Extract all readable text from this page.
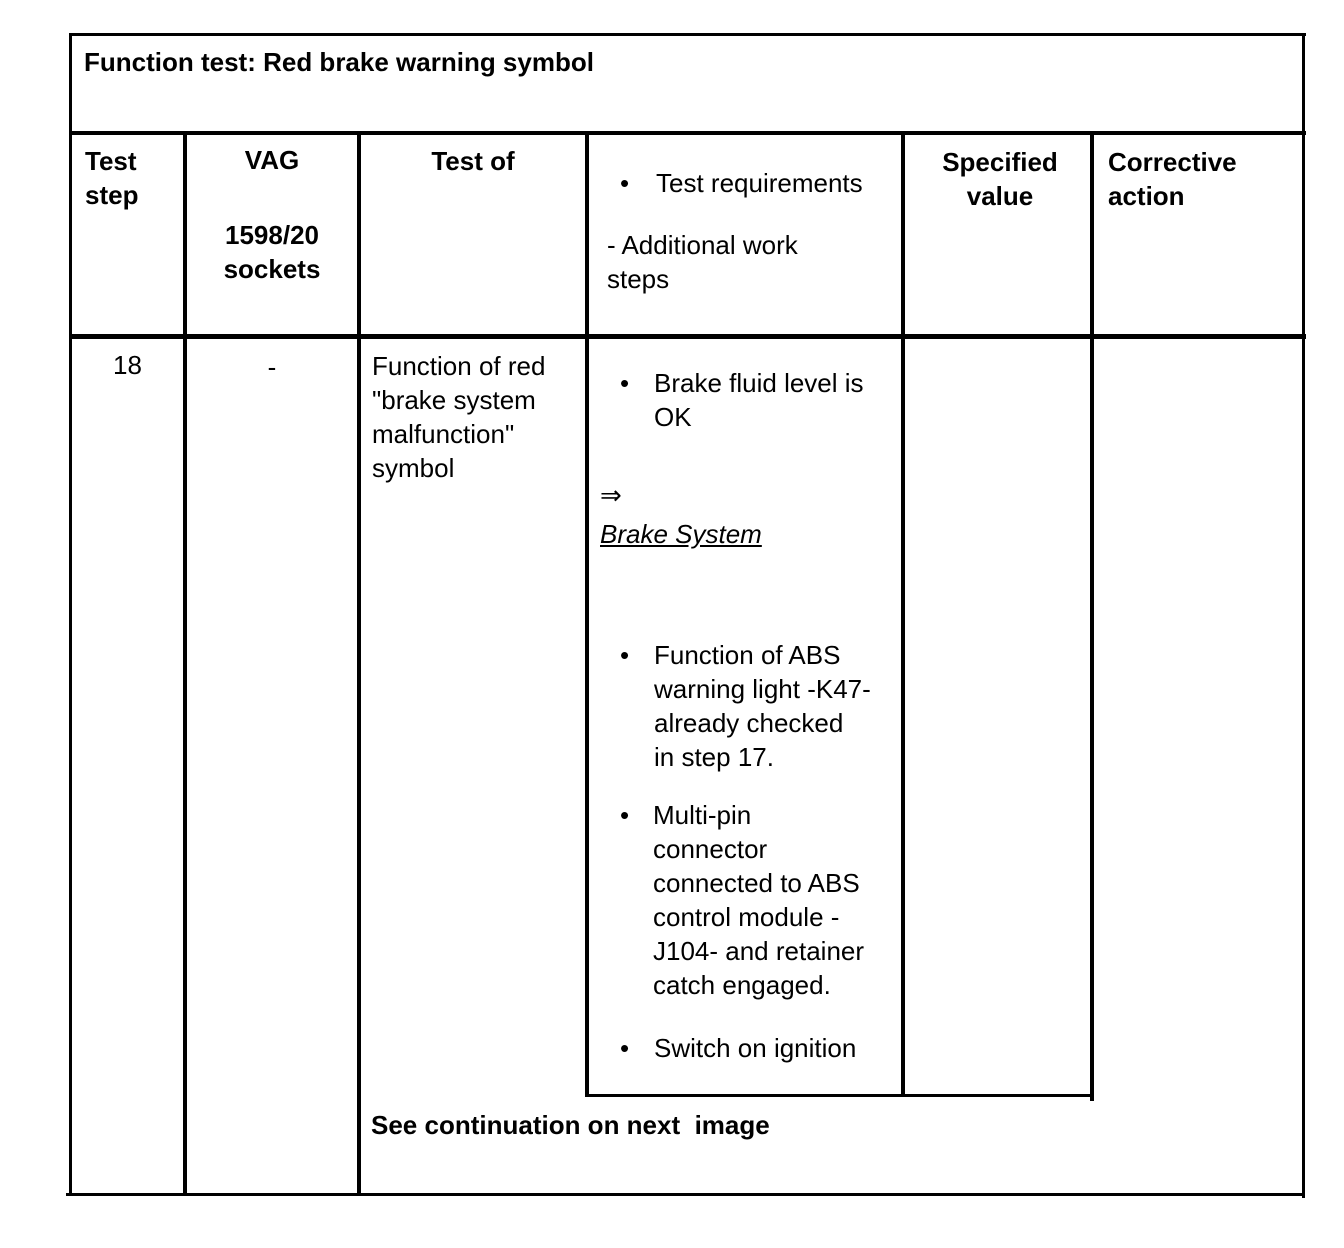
Function test: Red brake warning symbol
Test
step
VAG
1598/20
sockets
Test of
• Test requirements
- Additional work
steps
Specified
value
Corrective
action
18	-	Function of red
"brake system
malfunction"
symbol
• Brake fluid level is
OK
⇒
Brake System
• Function of ABS
warning light -K47-
already checked
in step 17.
• Multi-pin
connector
connected to ABS
control module -
J104- and retainer
catch engaged.
• Switch on ignition
See continuation on next  image
